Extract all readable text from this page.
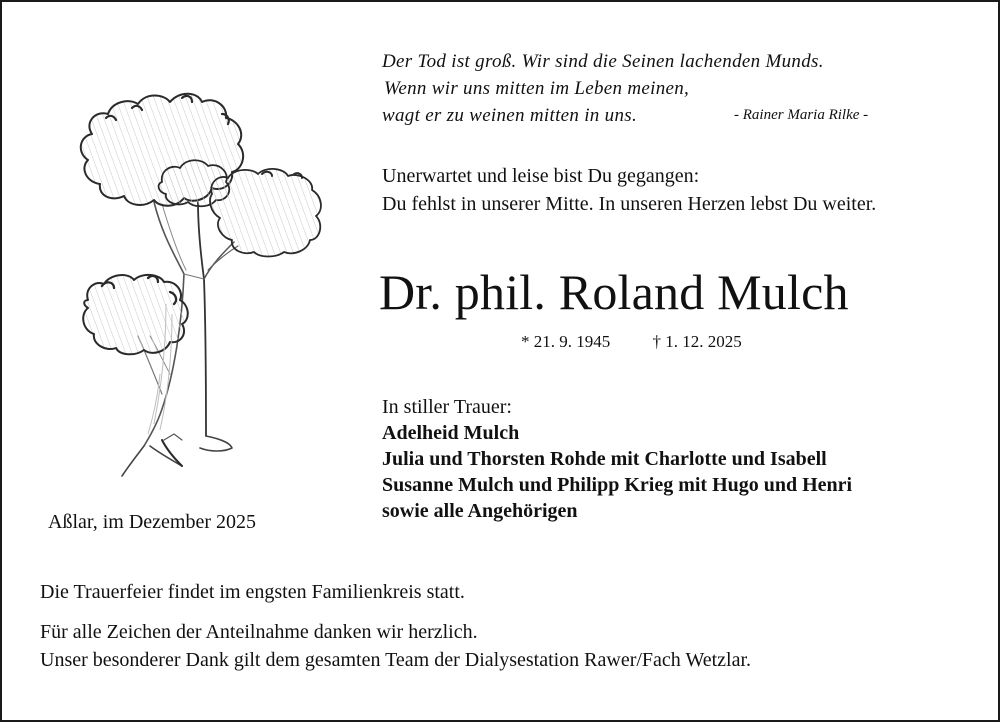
Der Tod ist groß. Wir sind die Seinen lachenden Munds.
Wenn wir uns mitten im Leben meinen,
wagt er zu weinen mitten in uns.	- Rainer Maria Rilke -
Unerwartet und leise bist Du gegangen:
Du fehlst in unserer Mitte. In unseren Herzen lebst Du weiter.
Dr. phil. Roland Mulch
* 21. 9. 1945 † 1. 12. 2025
In stiller Trauer:
Adelheid Mulch
Julia und Thorsten Rohde mit Charlotte und Isabell
Susanne Mulch und Philipp Krieg mit Hugo und Henri
sowie alle Angehörigen
Aßlar, im Dezember 2025
Die Trauerfeier findet im engsten Familienkreis statt.
Für alle Zeichen der Anteilnahme danken wir herzlich.
Unser besonderer Dank gilt dem gesamten Team der Dialysestation Rawer/Fach Wetzlar.
